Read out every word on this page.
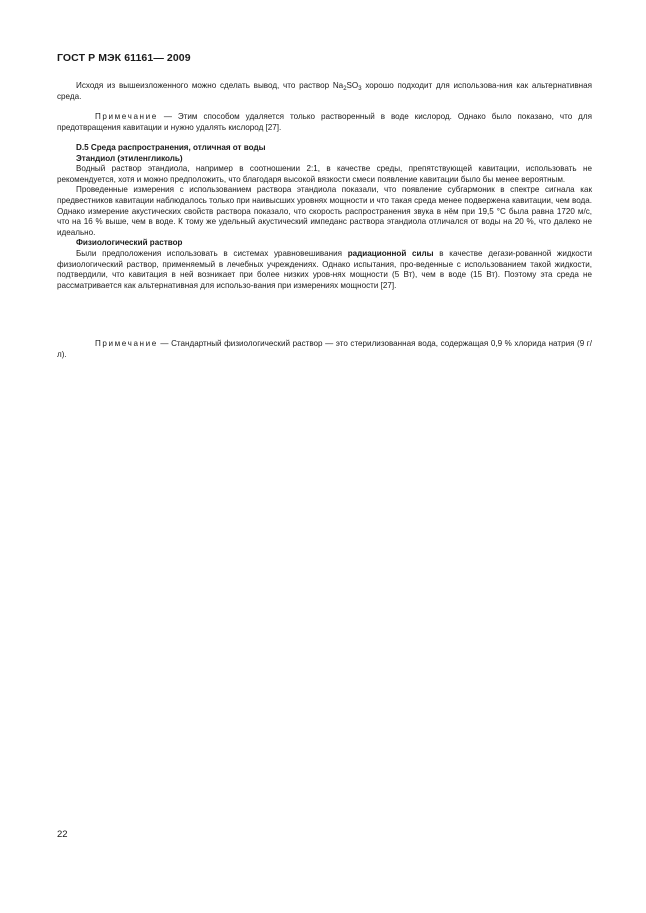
ГОСТ Р МЭК 61161— 2009

Исходя из вышеизложенного можно сделать вывод, что раствор $Na_2SO_3$ хорошо подходит для использова-ния как альтернативная среда.

Примечание — Этим способом удаляется только растворенный в воде кислород. Однако было показано, что для предотвращения кавитации и нужно удалять кислород [27].

D.5 Среда распространения, отличная от воды

Этандиол (этиленгликоль)

Водный раствор этандиола, например в соотношении 2:1, в качестве среды, препятствующей кавитации, использовать не рекомендуется, хотя и можно предположить, что благодаря высокой вязкости смеси появление кавитации было бы менее вероятным.

Проведенные измерения с использованием раствора этандиола показали, что появление субгармоник в спектре сигнала как предвестников кавитации наблюдалось только при наивысших уровнях мощности и что такая среда менее подвержена кавитации, чем вода. Однако измерение акустических свойств раствора показало, что скорость распространения звука в нём при 19,5 °С была равна 1720 м/с, что на 16 % выше, чем в воде. К тому же удельный акустический импеданс раствора этандиола отличался от воды на 20 %, что далеко не идеально.

Физиологический раствор

Были предположения использовать в системах уравновешивания радиационной силы в качестве дегази-рованной жидкости физиологический раствор, применяемый в лечебных учреждениях. Однако испытания, про-веденные с использованием такой жидкости, подтвердили, что кавитация в ней возникает при более низких уров-нях мощности (5 Вт), чем в воде (15 Вт). Поэтому эта среда не рассматривается как альтернативная для использо-вания при измерениях мощности [27].

Примечание — Стандартный физиологический раствор — это стерилизованная вода, содержащая 0,9 % хлорида натрия (9 г/л).

22
